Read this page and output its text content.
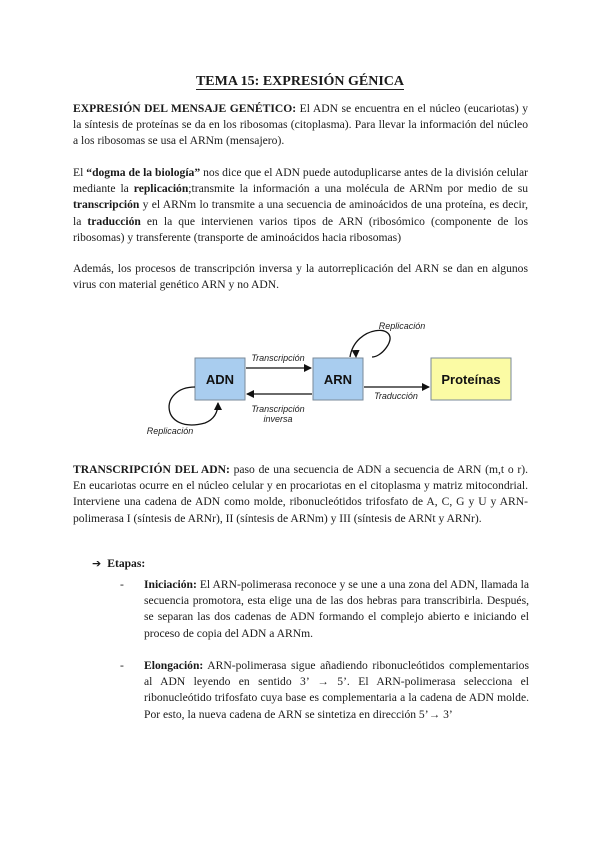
TEMA 15: EXPRESIÓN GÉNICA

EXPRESIÓN DEL MENSAJE GENÉTICO: El ADN se encuentra en el núcleo (eucariotas) y la síntesis de proteínas se da en los ribosomas (citoplasma). Para llevar la información del núcleo a los ribosomas se usa el ARNm (mensajero).

El “dogma de la biología” nos dice que el ADN puede autoduplicarse antes de la división celular mediante la replicación;transmite la información a una molécula de ARNm por medio de su transcripción y el ARNm lo transmite a una secuencia de aminoácidos de una proteína, es decir, la traducción en la que intervienen varios tipos de ARN (ribosómico (componente de los ribosomas) y transferente (transporte de aminoácidos hacia ribosomas)

Además, los procesos de transcripción inversa y la autorreplicación del ARN se dan en algunos virus con material genético ARN y no ADN.

ADN	ARN	Proteínas
Transcripción
Transcripción
inversa
Traducción
Replicación
Replicación

TRANSCRIPCIÓN DEL ADN: paso de una secuencia de ADN a secuencia de ARN (m,t o r). En eucariotas ocurre en el núcleo celular y en procariotas en el citoplasma y matriz mitocondrial. Interviene una cadena de ADN como molde, ribonucleótidos trifosfato de A, C, G y U y ARN-polimerasa I (síntesis de ARNr), II (síntesis de ARNm) y III (síntesis de ARNt y ARNr).

➔ Etapas:
- Iniciación: El ARN-polimerasa reconoce y se une a una zona del ADN, llamada la secuencia promotora, esta elige una de las dos hebras para transcribirla. Después, se separan las dos cadenas de ADN formando el complejo abierto e iniciando el proceso de copia del ADN a ARNm.
- Elongación: ARN-polimerasa sigue añadiendo ribonucleótidos complementarios al ADN leyendo en sentido 3’ → 5’. El ARN-polimerasa selecciona el ribonucleótido trifosfato cuya base es complementaria a la cadena de ADN molde. Por esto, la nueva cadena de ARN se sintetiza en dirección 5’→ 3’
